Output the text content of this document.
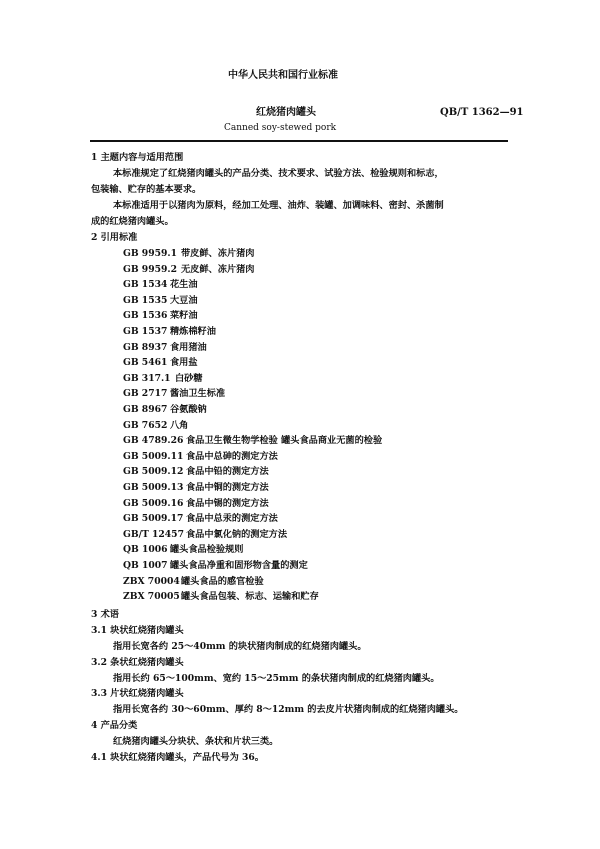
中华人民共和国行业标准
红烧猪肉罐头	QB/T 1362—91
Canned soy-stewed pork
1 主题内容与适用范围
本标准规定了红烧猪肉罐头的产品分类、技术要求、试验方法、检验规则和标志，
包装输、贮存的基本要求。
本标准适用于以猪肉为原料，经加工处理、油炸、装罐、加调味料、密封、杀菌制
成的红烧猪肉罐头。
2 引用标准
GB 9959.1 带皮鲜、冻片猪肉
GB 9959.2 无皮鲜、冻片猪肉
GB 1534 花生油
GB 1535 大豆油
GB 1536 菜籽油
GB 1537 精炼棉籽油
GB 8937 食用猪油
GB 5461 食用盐
GB 317.1 白砂糖
GB 2717 酱油卫生标准
GB 8967 谷氨酸钠
GB 7652 八角
GB 4789.26 食品卫生微生物学检验 罐头食品商业无菌的检验
GB 5009.11 食品中总砷的测定方法
GB 5009.12 食品中铅的测定方法
GB 5009.13 食品中铜的测定方法
GB 5009.16 食品中锡的测定方法
GB 5009.17 食品中总汞的测定方法
GB/T 12457 食品中氯化钠的测定方法
QB 1006 罐头食品检验规则
QB 1007 罐头食品净重和固形物含量的测定
ZBX 70004 罐头食品的感官检验
ZBX 70005 罐头食品包装、标志、运输和贮存
3 术语
3.1 块状红烧猪肉罐头
指用长宽各约 25～40mm 的块状猪肉制成的红烧猪肉罐头。
3.2 条状红烧猪肉罐头
指用长约 65～100mm、宽约 15～25mm 的条状猪肉制成的红烧猪肉罐头。
3.3 片状红烧猪肉罐头
指用长宽各约 30～60mm、厚约 8～12mm 的去皮片状猪肉制成的红烧猪肉罐头。
4 产品分类
红烧猪肉罐头分块状、条状和片状三类。
4.1 块状红烧猪肉罐头，产品代号为 36。
